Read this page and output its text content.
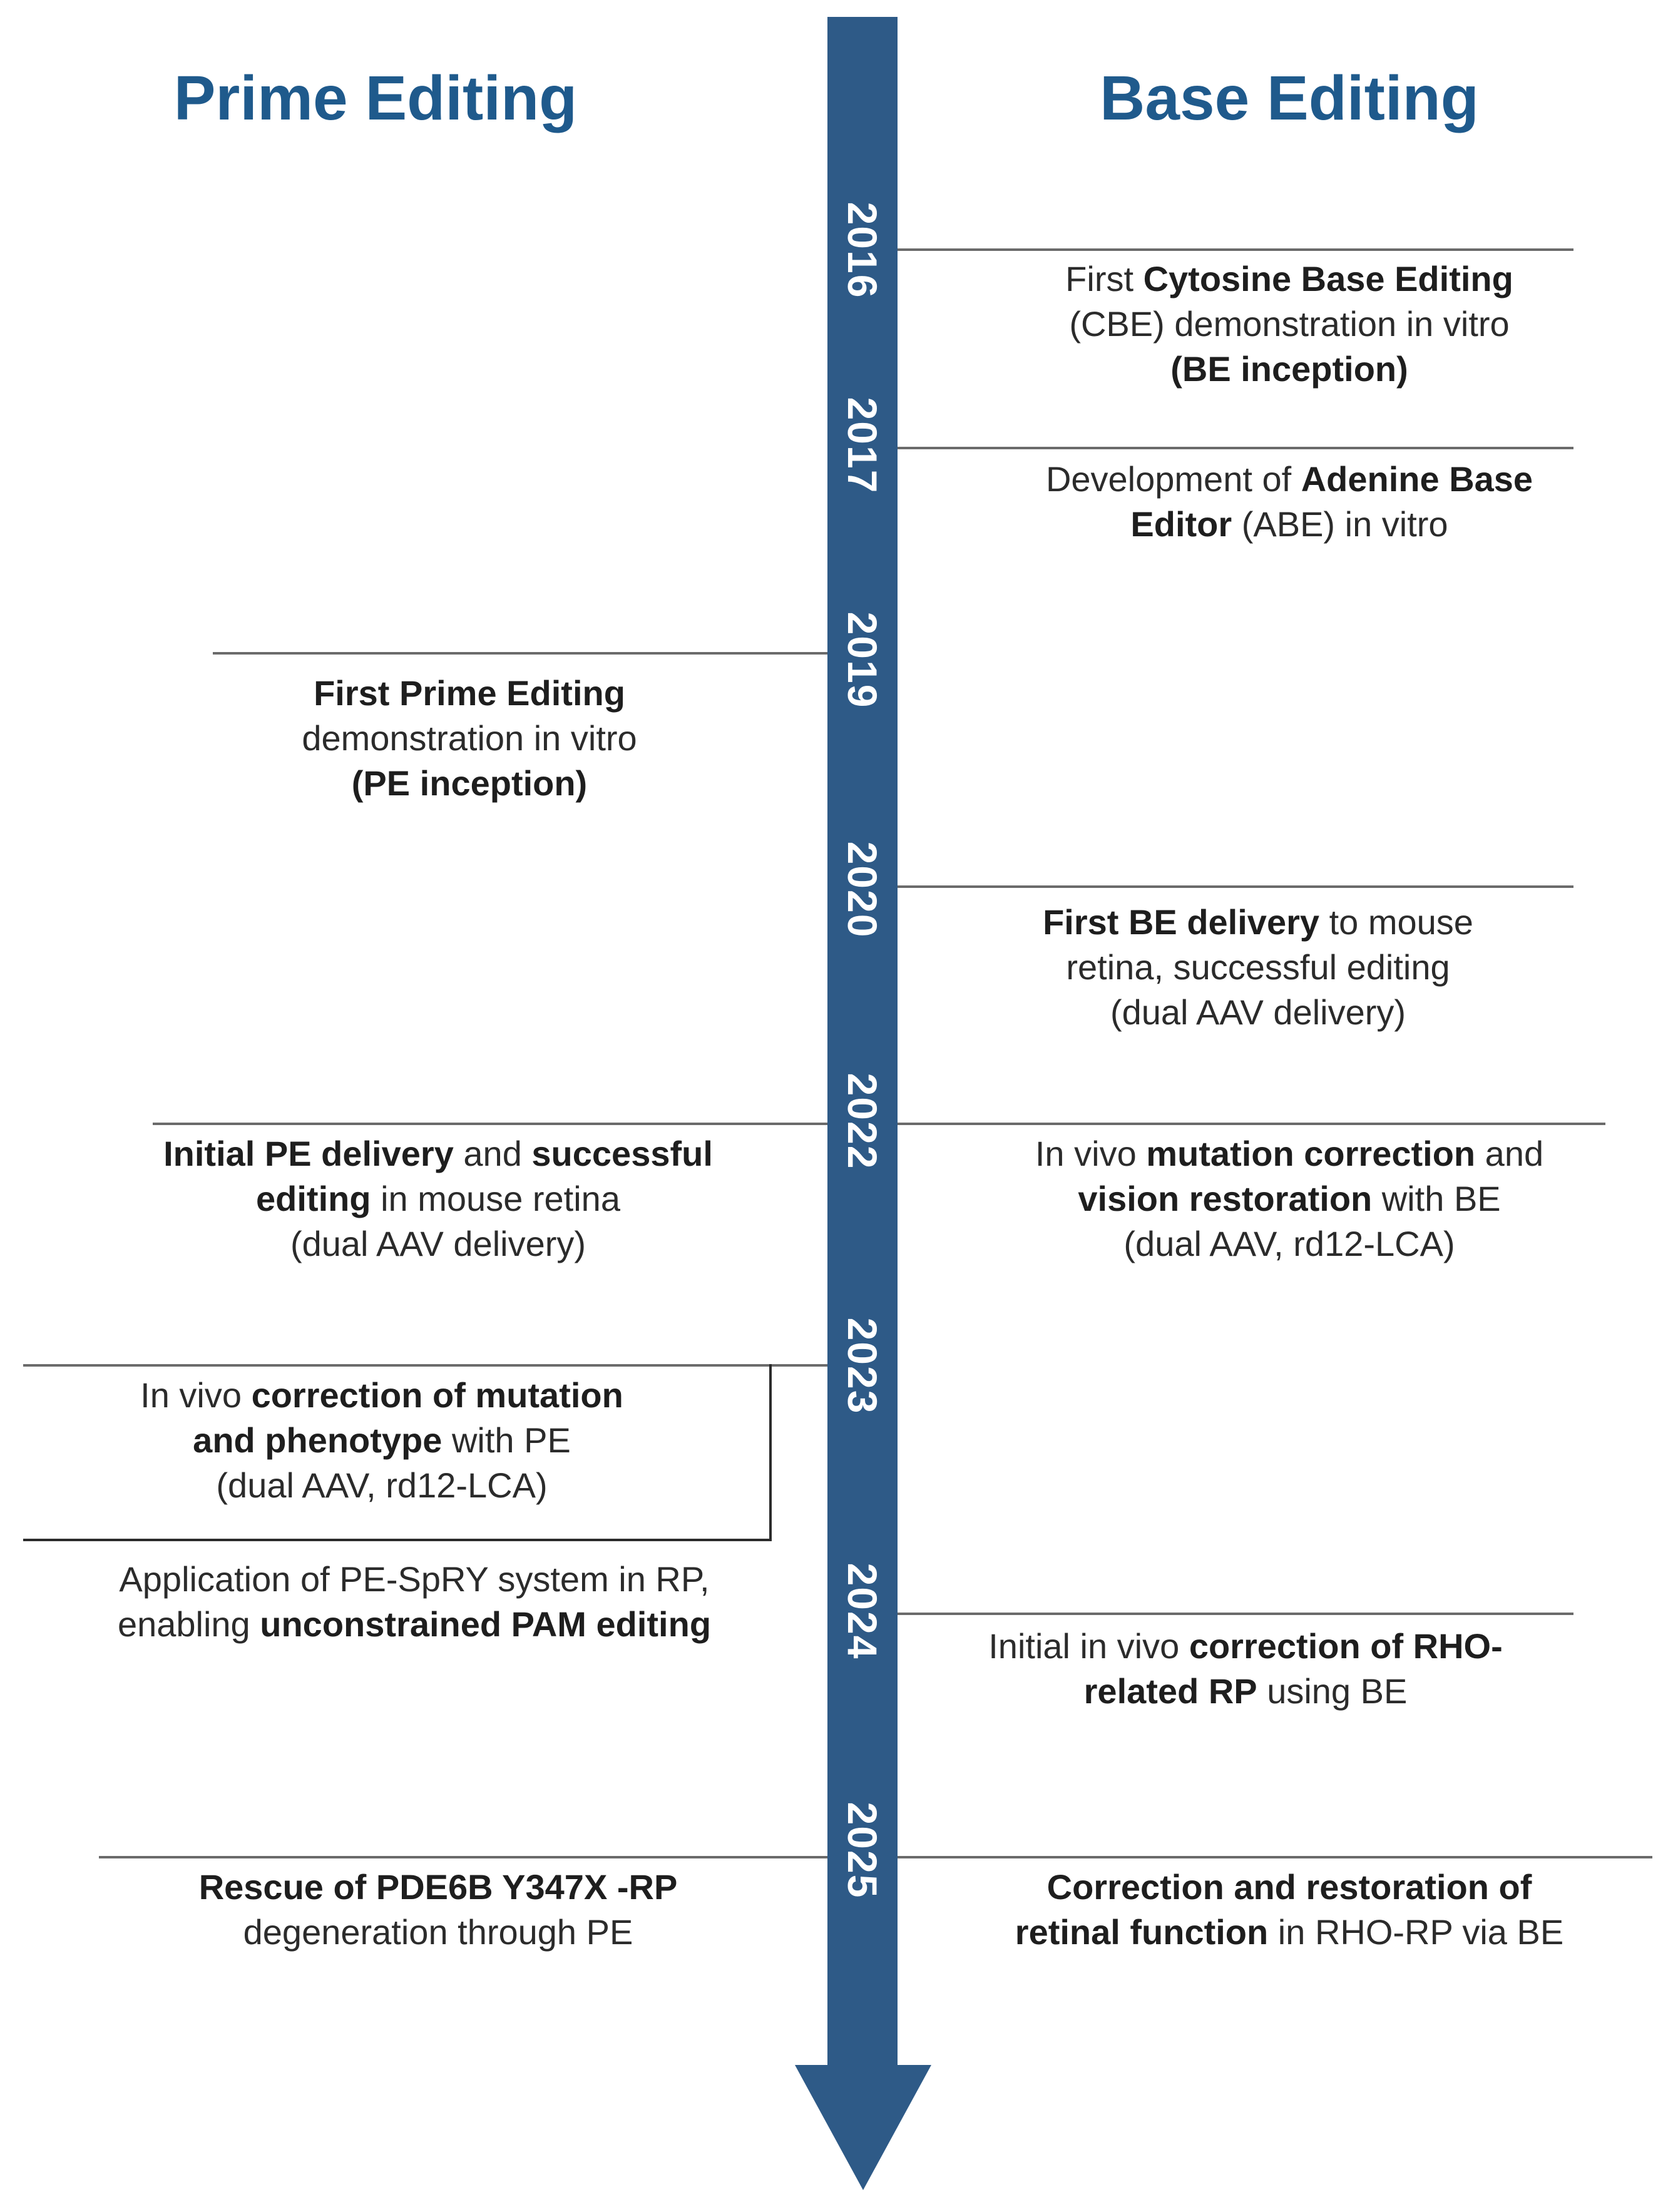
Prime Editing	Base Editing
2016
2017
2019
2020
2022
2023
2024
2025
First Cytosine Base Editing
(CBE) demonstration in vitro
(BE inception)
Development of Adenine Base
Editor (ABE) in vitro
First BE delivery to mouse
retina, successful editing
(dual AAV delivery)
In vivo mutation correction and
vision restoration with BE
(dual AAV, rd12-LCA)
Initial in vivo correction of RHO-
related RP using BE
Correction and restoration of
retinal function in RHO-RP via BE
First Prime Editing
demonstration in vitro
(PE inception)
Initial PE delivery and successful
editing in mouse retina
(dual AAV delivery)
In vivo correction of mutation
and phenotype with PE
(dual AAV, rd12-LCA)
Application of PE-SpRY system in RP,
enabling unconstrained PAM editing
Rescue of PDE6B Y347X -RP
degeneration through PE
